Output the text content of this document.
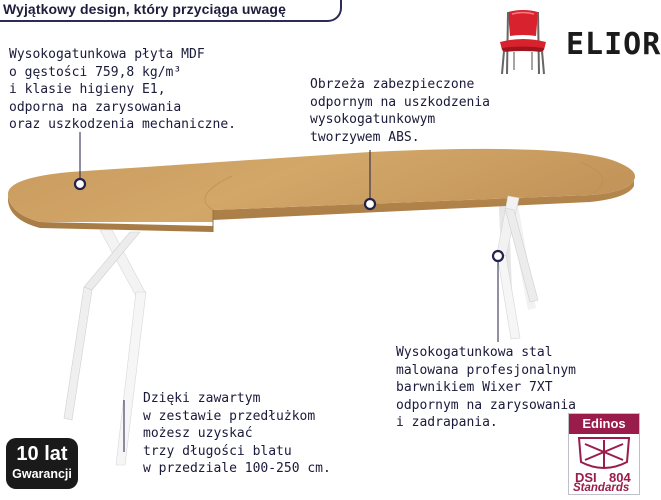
Wyjątkowy design, który przyciąga uwagę
ELIOR
Wysokogatunkowa płyta MDF
o gęstości 759,8 kg/m³
i klasie higieny E1,
odporna na zarysowania
oraz uszkodzenia mechaniczne.
Obrzeża zabezpieczone
odpornym na uszkodzenia
wysokogatunkowym
tworzywem ABS.
Wysokogatunkowa stal
malowana profesjonalnym
barwnikiem Wixer 7XT
odpornym na zarysowania
i zadrapania.
Dzięki zawartym
w zestawie przedłużkom
możesz uzyskać
trzy długości blatu
w przedziale 100-250 cm.
10 lat
Gwarancji
Edinos
DSI 804
Standards
